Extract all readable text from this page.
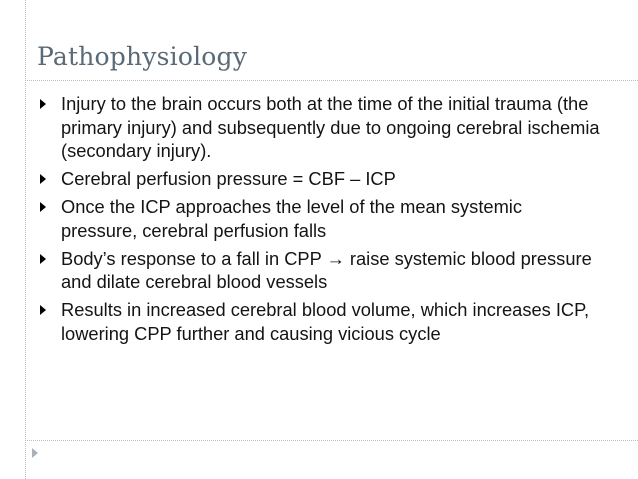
Pathophysiology
Injury to the brain occurs both at the time of the initial trauma (the primary injury) and subsequently due to ongoing cerebral ischemia (secondary injury).
Cerebral perfusion pressure = CBF – ICP
Once the ICP approaches the level of the mean systemic pressure, cerebral perfusion falls
Body’s response to a fall in CPP → raise systemic blood pressure and dilate cerebral blood vessels
Results in increased cerebral blood volume, which increases ICP, lowering CPP further and causing vicious cycle
